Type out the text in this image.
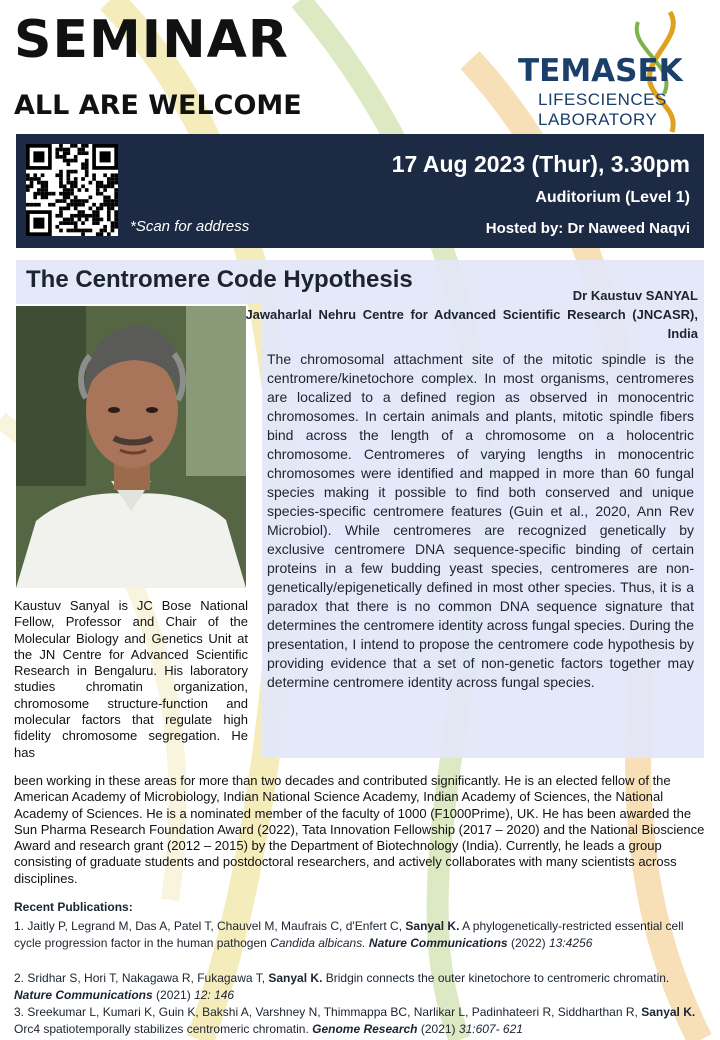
SEMINAR
ALL ARE WELCOME
TEMASEK
LIFESCIENCES
LABORATORY
*Scan for address
17 Aug 2023 (Thur), 3.30pm
Auditorium (Level 1)
Hosted by: Dr Naweed Naqvi
The Centromere Code Hypothesis
Dr Kaustuv SANYAL
Jawaharlal Nehru Centre for Advanced Scientific Research (JNCASR), India
The chromosomal attachment site of the mitotic spindle is the centromere/kinetochore complex. In most organisms, centromeres are localized to a defined region as observed in monocentric chromosomes. In certain animals and plants, mitotic spindle fibers bind across the length of a chromosome on a holocentric chromosome. Centromeres of varying lengths in monocentric chromosomes were identified and mapped in more than 60 fungal species making it possible to find both conserved and unique species-specific centromere features (Guin et al., 2020, Ann Rev Microbiol). While centromeres are recognized genetically by exclusive centromere DNA sequence-specific binding of certain proteins in a few budding yeast species, centromeres are non-genetically/epigenetically defined in most other species. Thus, it is a paradox that there is no common DNA sequence signature that determines the centromere identity across fungal species. During the presentation, I intend to propose the centromere code hypothesis by providing evidence that a set of non-genetic factors together may determine centromere identity across fungal species.
Kaustuv Sanyal is JC Bose National Fellow, Professor and Chair of the Molecular Biology and Genetics Unit at the JN Centre for Advanced Scientific Research in Bengaluru. His laboratory studies chromatin organization, chromosome structure-function and molecular factors that regulate high fidelity chromosome segregation. He has
been working in these areas for more than two decades and contributed significantly. He is an elected fellow of the American Academy of Microbiology, Indian National Science Academy, Indian Academy of Sciences, the National Academy of Sciences. He is a nominated member of the faculty of 1000 (F1000Prime), UK. He has been awarded the Sun Pharma Research Foundation Award (2022), Tata Innovation Fellowship (2017 – 2020) and the National Bioscience Award and research grant (2012 – 2015) by the Department of Biotechnology (India). Currently, he leads a group consisting of graduate students and postdoctoral researchers, and actively collaborates with many scientists across disciplines.
Recent Publications:
1. Jaitly P, Legrand M, Das A, Patel T, Chauvel M, Maufrais C, d'Enfert C, Sanyal K. A phylogenetically-restricted essential cell cycle progression factor in the human pathogen Candida albicans. Nature Communications (2022) 13:4256
2. Sridhar S, Hori T, Nakagawa R, Fukagawa T, Sanyal K. Bridgin connects the outer kinetochore to centromeric chromatin. Nature Communications (2021) 12: 146
3. Sreekumar L, Kumari K, Guin K, Bakshi A, Varshney N, Thimmappa BC, Narlikar L, Padinhateeri R, Siddharthan R, Sanyal K. Orc4 spatiotemporally stabilizes centromeric chromatin. Genome Research (2021) 31:607- 621
